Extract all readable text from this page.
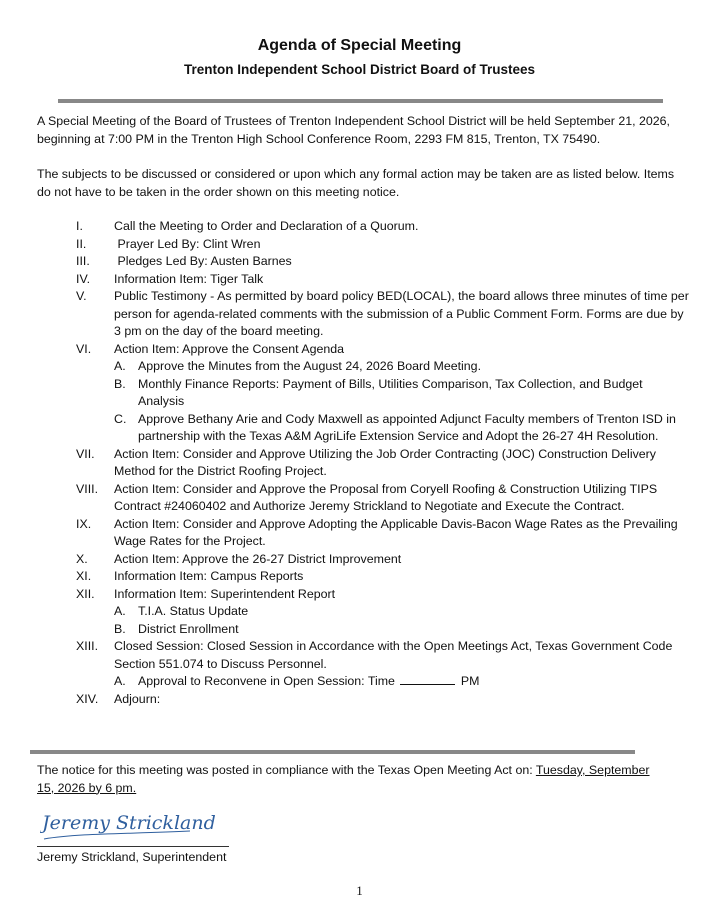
Agenda of Special Meeting
Trenton Independent School District Board of Trustees
A Special Meeting of the Board of Trustees of Trenton Independent School District will be held September 21, 2026, beginning at 7:00 PM in the Trenton High School Conference Room, 2293 FM 815, Trenton, TX 75490.
The subjects to be discussed or considered or upon which any formal action may be taken are as listed below. Items do not have to be taken in the order shown on this meeting notice.
I.	Call the Meeting to Order and Declaration of a Quorum.
II. Prayer Led By: Clint Wren
III. Pledges Led By: Austen Barnes
IV. Information Item: Tiger Talk
V. Public Testimony - As permitted by board policy BED(LOCAL), the board allows three minutes of time per person for agenda-related comments with the submission of a Public Comment Form. Forms are due by 3 pm on the day of the board meeting.
VI. Action Item: Approve the Consent Agenda
A. Approve the Minutes from the August 24, 2026 Board Meeting.
B. Monthly Finance Reports: Payment of Bills, Utilities Comparison, Tax Collection, and Budget Analysis
C. Approve Bethany Arie and Cody Maxwell as appointed Adjunct Faculty members of Trenton ISD in partnership with the Texas A&M AgriLife Extension Service and Adopt the 26-27 4H Resolution.
VII. Action Item: Consider and Approve Utilizing the Job Order Contracting (JOC) Construction Delivery Method for the District Roofing Project.
VIII. Action Item: Consider and Approve the Proposal from Coryell Roofing & Construction Utilizing TIPS Contract #24060402 and Authorize Jeremy Strickland to Negotiate and Execute the Contract.
IX. Action Item: Consider and Approve Adopting the Applicable Davis-Bacon Wage Rates as the Prevailing Wage Rates for the Project.
X. Action Item: Approve the 26-27 District Improvement
XI. Information Item: Campus Reports
XII. Information Item: Superintendent Report
A. T.I.A. Status Update
B. District Enrollment
XIII. Closed Session: Closed Session in Accordance with the Open Meetings Act, Texas Government Code Section 551.074 to Discuss Personnel.
A. Approval to Reconvene in Open Session: Time	PM
XIV. Adjourn:
The notice for this meeting was posted in compliance with the Texas Open Meeting Act on: Tuesday, September 15, 2026 by 6 pm.
Jeremy Strickland
Jeremy Strickland, Superintendent
1
